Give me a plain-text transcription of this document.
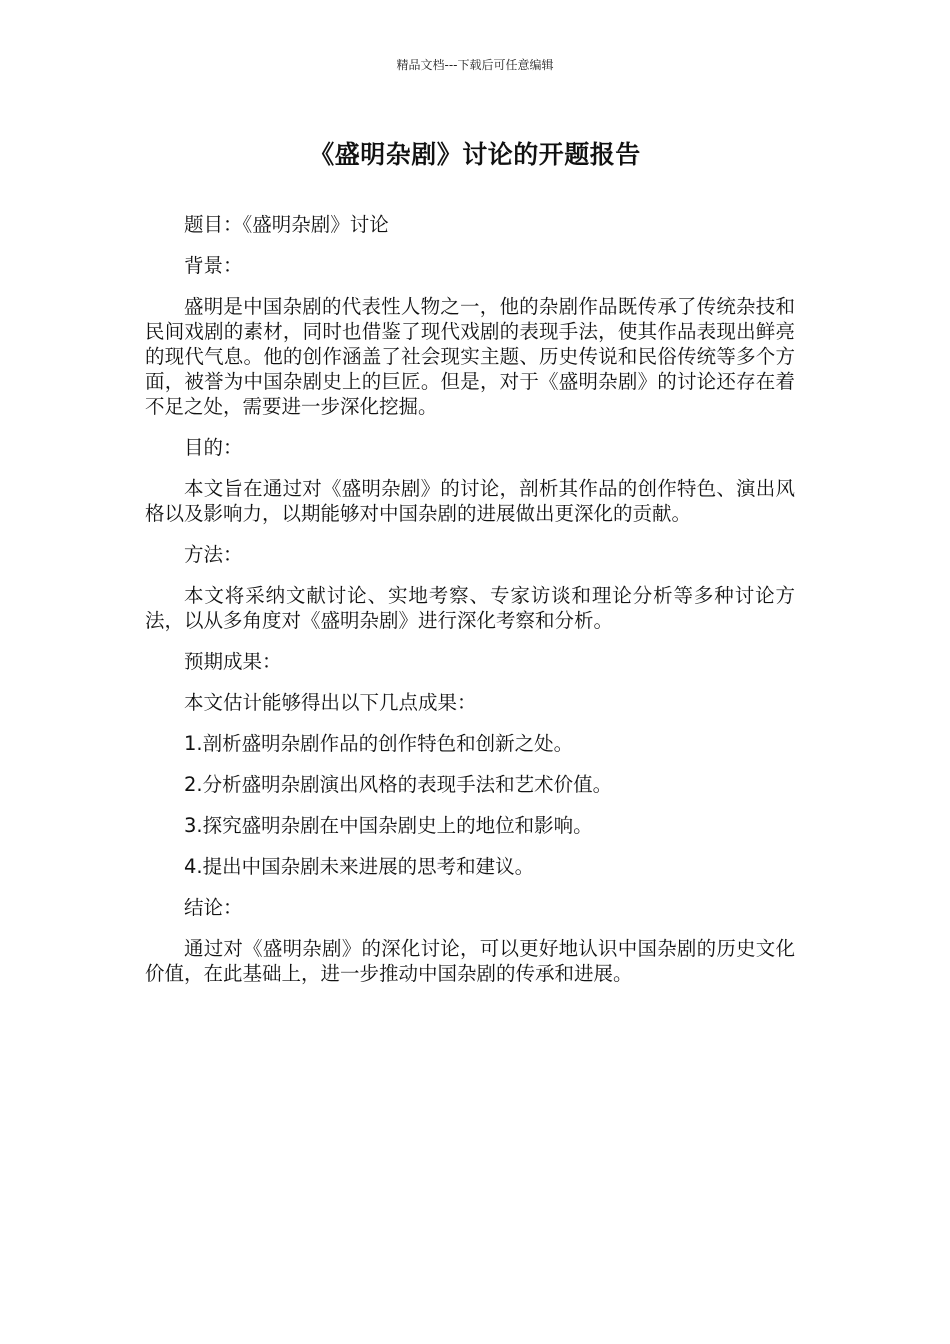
精品文档---下载后可任意编辑
《盛明杂剧》讨论的开题报告

题目：《盛明杂剧》讨论

背景：

盛明是中国杂剧的代表性人物之一，他的杂剧作品既传承了传统杂技和民间戏剧的素材，同时也借鉴了现代戏剧的表现手法，使其作品表现出鲜亮的现代气息。他的创作涵盖了社会现实主题、历史传说和民俗传统等多个方面，被誉为中国杂剧史上的巨匠。但是，对于《盛明杂剧》的讨论还存在着不足之处，需要进一步深化挖掘。

目的：

本文旨在通过对《盛明杂剧》的讨论，剖析其作品的创作特色、演出风格以及影响力，以期能够对中国杂剧的进展做出更深化的贡献。

方法：

本文将采纳文献讨论、实地考察、专家访谈和理论分析等多种讨论方法，以从多角度对《盛明杂剧》进行深化考察和分析。

预期成果：

本文估计能够得出以下几点成果：

1.剖析盛明杂剧作品的创作特色和创新之处。

2.分析盛明杂剧演出风格的表现手法和艺术价值。

3.探究盛明杂剧在中国杂剧史上的地位和影响。

4.提出中国杂剧未来进展的思考和建议。

结论：

通过对《盛明杂剧》的深化讨论，可以更好地认识中国杂剧的历史文化价值，在此基础上，进一步推动中国杂剧的传承和进展。
